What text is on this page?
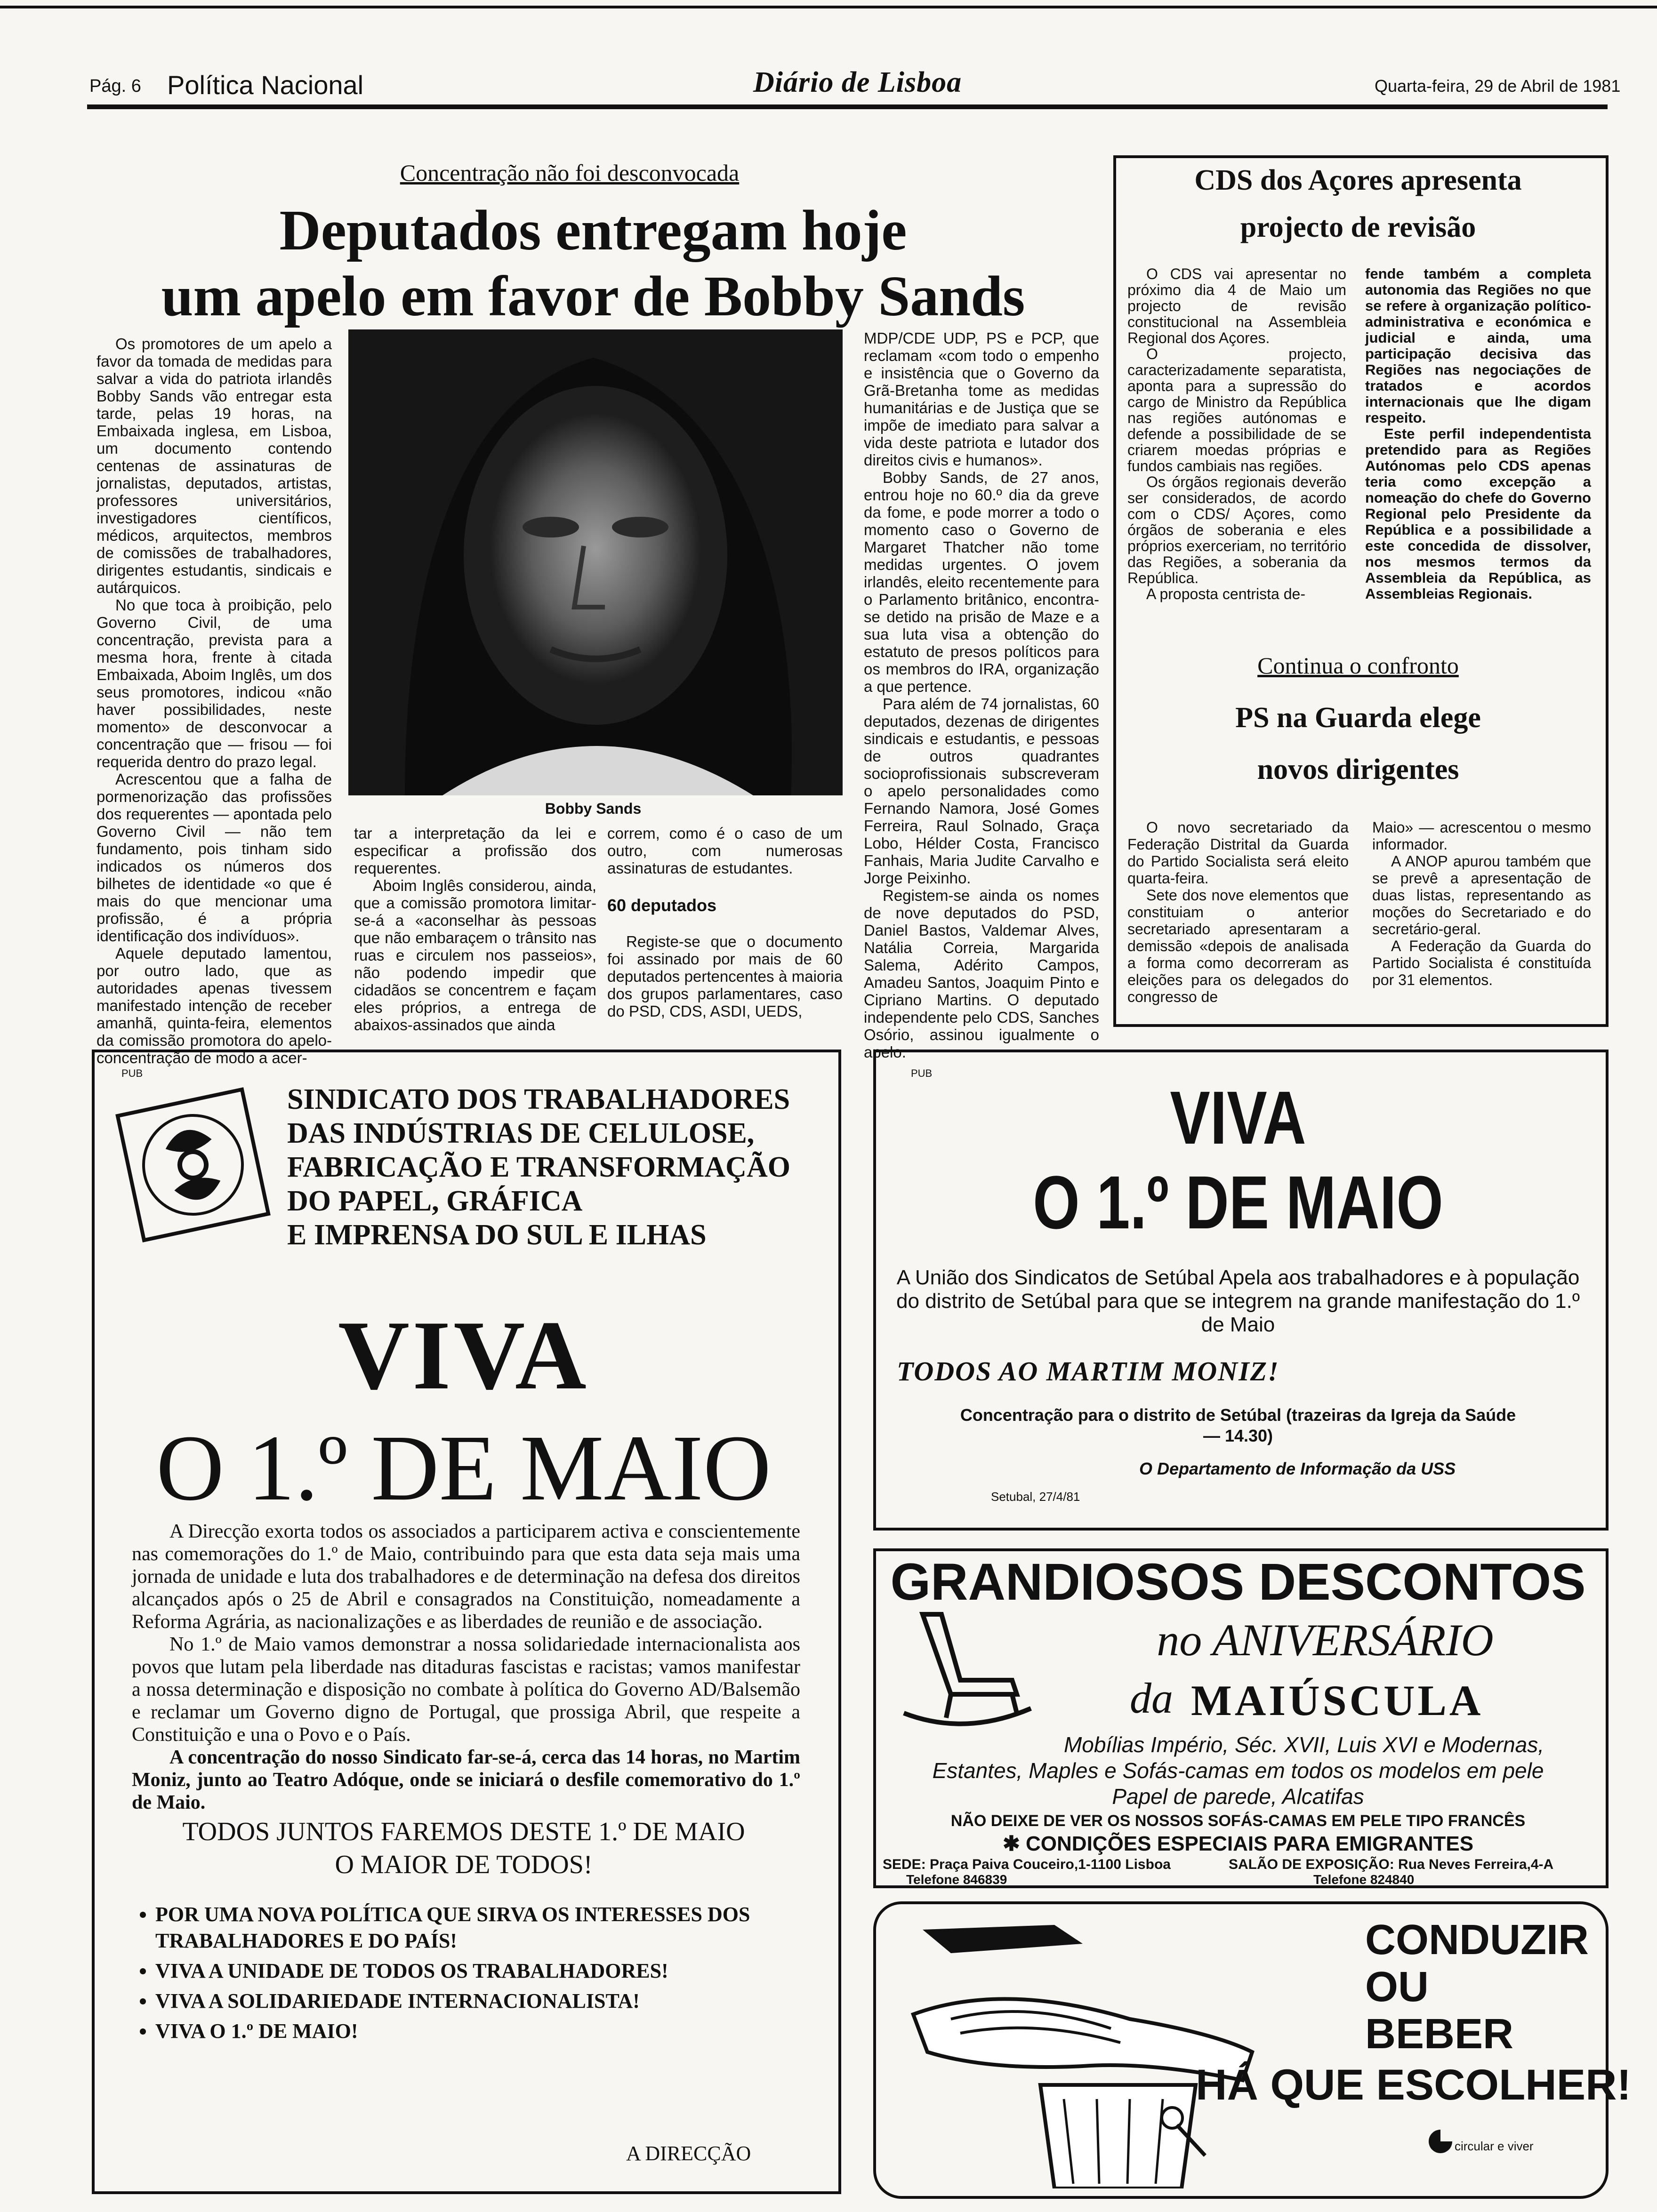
Pág. 6 Política Nacional	Diário de Lisboa	Quarta-feira, 29 de Abril de 1981
Concentração não foi desconvocada
Deputados entregam hoje
um apelo em favor de Bobby Sands

Os promotores de um apelo a favor da tomada de medidas para salvar a vida do patriota irlandês Bobby Sands vão entregar esta tarde, pelas 19 horas, na Embaixada inglesa, em Lisboa, um documento contendo centenas de assinaturas de jornalistas, deputados, artistas, professores universitários, investigadores científicos, médicos, arquitectos, membros de comissões de trabalhadores, dirigentes estudantis, sindicais e autárquicos.

No que toca à proibição, pelo Governo Civil, de uma concentração, prevista para a mesma hora, frente à citada Embaixada, Aboim Inglês, um dos seus promotores, indicou «não haver possibilidades, neste momento» de desconvocar a concentração que — frisou — foi requerida dentro do prazo legal.

Acrescentou que a falha de pormenorização das profissões dos requerentes — apontada pelo Governo Civil — não tem fundamento, pois tinham sido indicados os números dos bilhetes de identidade «o que é mais do que mencionar uma profissão, é a própria identificação dos indivíduos».

Aquele deputado lamentou, por outro lado, que as autoridades apenas tivessem manifestado intenção de receber amanhã, quinta-feira, elementos da comissão promotora do apelo-concentração de modo a acer-

Bobby Sands

tar a interpretação da lei e especificar a profissão dos requerentes.

Aboim Inglês considerou, ainda, que a comissão promotora limitar-se-á a «aconselhar às pessoas que não embaraçem o trânsito nas ruas e circulem nos passeios», não podendo impedir que cidadãos se concentrem e façam eles próprios, a entrega de abaixos-assinados que ainda

correm, como é o caso de um outro, com numerosas assinaturas de estudantes.

60 deputados

Registe-se que o documento foi assinado por mais de 60 deputados pertencentes à maioria dos grupos parlamentares, caso do PSD, CDS, ASDI, UEDS,

MDP/CDE UDP, PS e PCP, que reclamam «com todo o empenho e insistência que o Governo da Grã-Bretanha tome as medidas humanitárias e de Justiça que se impõe de imediato para salvar a vida deste patriota e lutador dos direitos civis e humanos».

Bobby Sands, de 27 anos, entrou hoje no 60.º dia da greve da fome, e pode morrer a todo o momento caso o Governo de Margaret Thatcher não tome medidas urgentes. O jovem irlandês, eleito recentemente para o Parlamento britânico, encontra-se detido na prisão de Maze e a sua luta visa a obtenção do estatuto de presos políticos para os membros do IRA, organização a que pertence.

Para além de 74 jornalistas, 60 deputados, dezenas de dirigentes sindicais e estudantis, e pessoas de outros quadrantes socioprofissionais subscreveram o apelo personalidades como Fernando Namora, José Gomes Ferreira, Raul Solnado, Graça Lobo, Hélder Costa, Francisco Fanhais, Maria Judite Carvalho e Jorge Peixinho.

Registem-se ainda os nomes de nove deputados do PSD, Daniel Bastos, Valdemar Alves, Natália Correia, Margarida Salema, Adérito Campos, Amadeu Santos, Joaquim Pinto e Cipriano Martins. O deputado independente pelo CDS, Sanches Osório, assinou igualmente o apelo.

CDS dos Açores apresenta
projecto de revisão

O CDS vai apresentar no próximo dia 4 de Maio um projecto de revisão constitucional na Assembleia Regional dos Açores.

O projecto, caracterizadamente separatista, aponta para a supressão do cargo de Ministro da República nas regiões autónomas e defende a possibilidade de se criarem moedas próprias e fundos cambiais nas regiões.

Os órgãos regionais deverão ser considerados, de acordo com o CDS/ Açores, como órgãos de soberania e eles próprios exerceriam, no território das Regiões, a soberania da República.

A proposta centrista de-

fende também a completa autonomia das Regiões no que se refere à organização político-administrativa e económica e judicial e ainda, uma participação decisiva das Regiões nas negociações de tratados e acordos internacionais que lhe digam respeito.

Este perfil independentista pretendido para as Regiões Autónomas pelo CDS apenas teria como excepção a nomeação do chefe do Governo Regional pelo Presidente da República e a possibilidade a este concedida de dissolver, nos mesmos termos da Assembleia da República, as Assembleias Regionais.

Continua o confronto
PS na Guarda elege
novos dirigentes

O novo secretariado da Federação Distrital da Guarda do Partido Socialista será eleito quarta-feira.

Sete dos nove elementos que constituiam o anterior secretariado apresentaram a demissão «depois de analisada a forma como decorreram as eleições para os delegados do congresso de

Maio» — acrescentou o mesmo informador.

A ANOP apurou também que se prevê a apresentação de duas listas, representando as moções do Secretariado e do secretário-geral.

A Federação da Guarda do Partido Socialista é constituída por 31 elementos.

PUB
SINDICATO DOS TRABALHADORES
DAS INDÚSTRIAS DE CELULOSE,
FABRICAÇÃO E TRANSFORMAÇÃO
DO PAPEL, GRÁFICA
E IMPRENSA DO SUL E ILHAS
VIVA
O 1.º DE MAIO

A Direcção exorta todos os associados a participarem activa e conscientemente nas comemorações do 1.º de Maio, contribuindo para que esta data seja mais uma jornada de unidade e luta dos trabalhadores e de determinação na defesa dos direitos alcançados após o 25 de Abril e consagrados na Constituição, nomeadamente a Reforma Agrária, as nacionalizações e as liberdades de reunião e de associação.

No 1.º de Maio vamos demonstrar a nossa solidariedade internacionalista aos povos que lutam pela liberdade nas ditaduras fascistas e racistas; vamos manifestar a nossa determinação e disposição no combate à política do Governo AD/Balsemão e reclamar um Governo digno de Portugal, que prossiga Abril, que respeite a Constituição e una o Povo e o País.

A concentração do nosso Sindicato far-se-á, cerca das 14 horas, no Martim Moniz, junto ao Teatro Adóque, onde se iniciará o desfile comemorativo do 1.º de Maio.

TODOS JUNTOS FAREMOS DESTE 1.º DE MAIO
O MAIOR DE TODOS!
• POR UMA NOVA POLÍTICA QUE SIRVA OS INTERESSES DOS TRABALHADORES E DO PAÍS!
• VIVA A UNIDADE DE TODOS OS TRABALHADORES!
• VIVA A SOLIDARIEDADE INTERNACIONALISTA!
• VIVA O 1.º DE MAIO!
A DIRECÇÃO
PUB
VIVA
O 1.º DE MAIO
A União dos Sindicatos de Setúbal Apela aos trabalhadores e à população do distrito de Setúbal para que se integrem na grande manifestação do 1.º de Maio
TODOS AO MARTIM MONIZ!
Concentração para o distrito de Setúbal (trazeiras da Igreja da Saúde — 14.30)
O Departamento de Informação da USS
Setubal, 27/4/81
GRANDIOSOS DESCONTOS
no ANIVERSÁRIO
da MAIÚSCULA
Mobílias Império, Séc. XVII, Luis XVI e Modernas,
Estantes, Maples e Sofás-camas em todos os modelos em pele
Papel de parede, Alcatifas
NÃO DEIXE DE VER OS NOSSOS SOFÁS-CAMAS EM PELE TIPO FRANCÊS
✱ CONDIÇÕES ESPECIAIS PARA EMIGRANTES
SEDE: Praça Paiva Couceiro,1-1100 Lisboa
Telefone 846839
SALÃO DE EXPOSIÇÃO: Rua Neves Ferreira,4-A
Telefone 824840
CONDUZIR
OU
BEBER
HÁ QUE ESCOLHER!
circular e viver
